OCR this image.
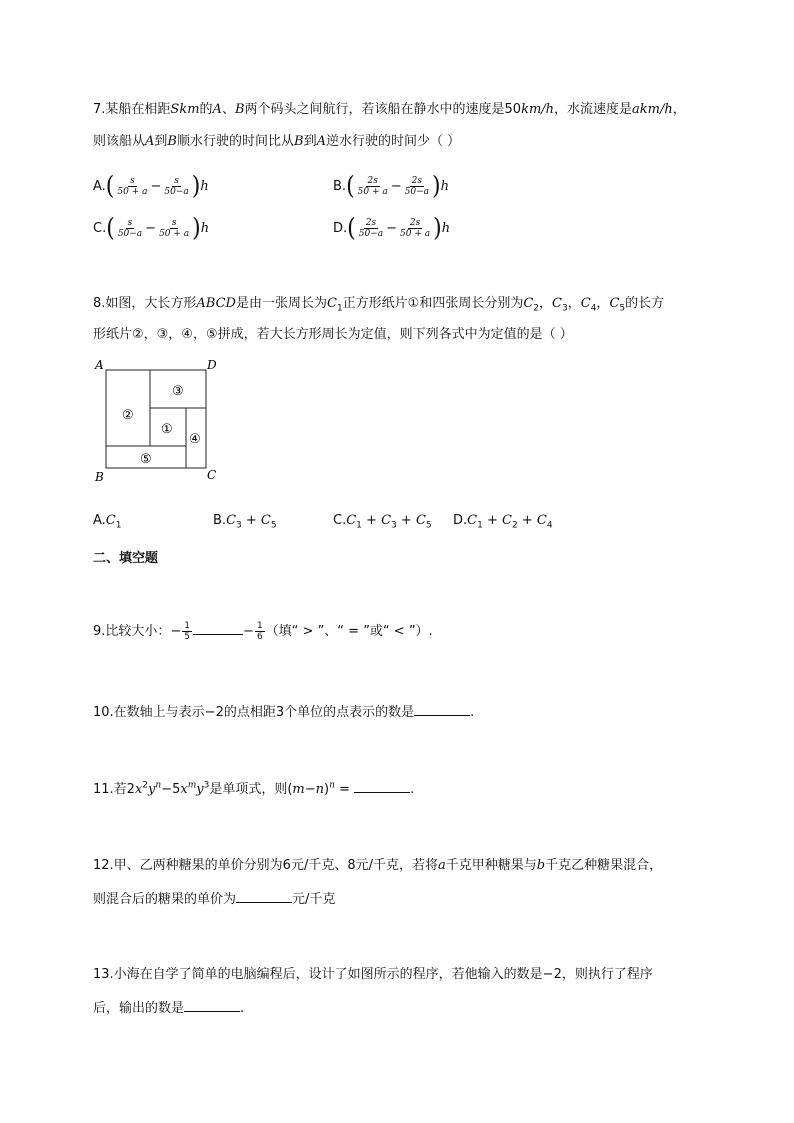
7.某船在相距Skm的A、B两个码头之间航行，若该船在静水中的速度是50km/h，水流速度是akm/h，
则该船从A到B顺水行驶的时间比从B到A逆水行驶的时间少（ ）
$A.( \frac{s}{50 + a} - \frac{s}{50-a} )h$	$B.( \frac{2s}{50 + a} - \frac{2s}{50-a} )h$
$C.( \frac{s}{50-a} - \frac{s}{50 + a} )h$	$D.( \frac{2s}{50-a} - \frac{2s}{50 + a} )h$
8.如图，大长方形ABCD是由一张周长为$C_1$正方形纸片①和四张周长分别为$C_2$，$C_3$，$C_4$，$C_5$的长方
形纸片②，③，④，⑤拼成，若大长方形周长为定值，则下列各式中为定值的是（ ）
A	D
B	C
②
③
①
④
⑤
$A.C_1$	$B.C_3 + C_5$	$C.C_1 + C_3 + C_5$ $D.C_1 + C_2 + C_4$
二、填空题
9.比较大小：− $\frac{1}{5}$	− $\frac{1}{6}$ （填“ > ”、“ = ”或“ < ”）.
10.在数轴上与表示−2的点相距3个单位的点表示的数是	.
11.若$2x^2y^n-5x^my^3$是单项式，则$(m-n)^n$ =	.
12.甲、乙两种糖果的单价分别为6元/千克、8元/千克，若将a千克甲种糖果与b千克乙种糖果混合，
则混合后的糖果的单价为	元/千克
13.小海在自学了简单的电脑编程后，设计了如图所示的程序，若他输入的数是−2，则执行了程序
后，输出的数是	.
